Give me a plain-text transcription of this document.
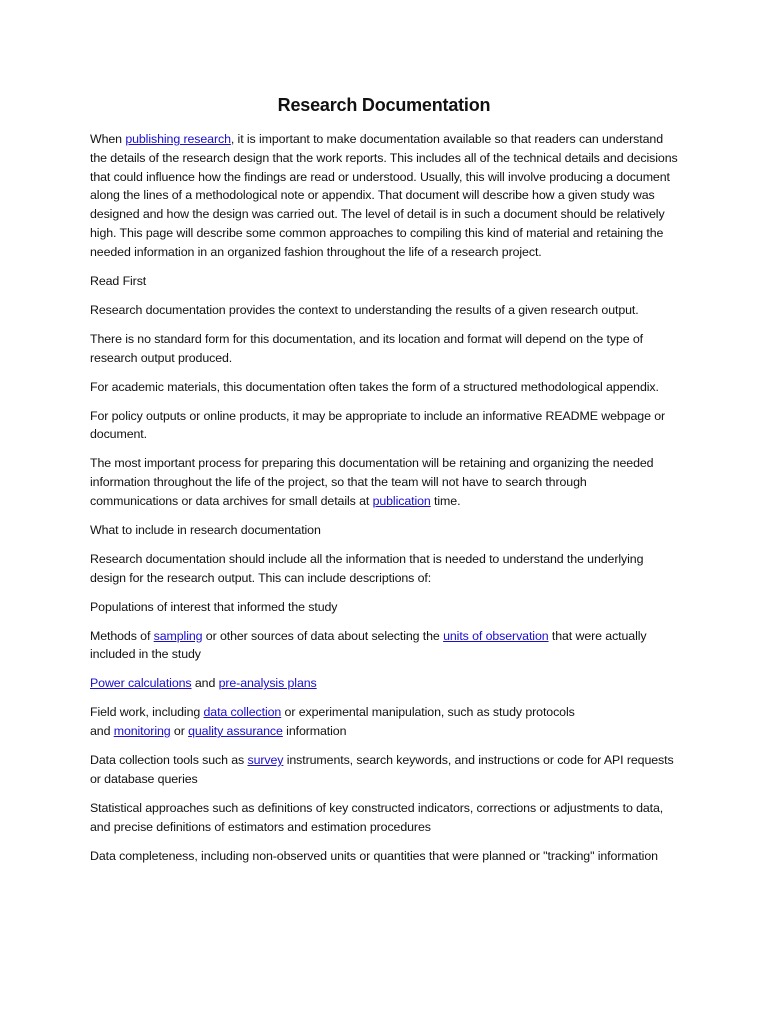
Research Documentation

When publishing research, it is important to make documentation available so that readers can understand the details of the research design that the work reports. This includes all of the technical details and decisions that could influence how the findings are read or understood. Usually, this will involve producing a document along the lines of a methodological note or appendix. That document will describe how a given study was designed and how the design was carried out. The level of detail is in such a document should be relatively high. This page will describe some common approaches to compiling this kind of material and retaining the needed information in an organized fashion throughout the life of a research project.

Read First

Research documentation provides the context to understanding the results of a given research output.

There is no standard form for this documentation, and its location and format will depend on the type of research output produced.

For academic materials, this documentation often takes the form of a structured methodological appendix.

For policy outputs or online products, it may be appropriate to include an informative README webpage or document.

The most important process for preparing this documentation will be retaining and organizing the needed information throughout the life of the project, so that the team will not have to search through communications or data archives for small details at publication time.

What to include in research documentation

Research documentation should include all the information that is needed to understand the underlying design for the research output. This can include descriptions of:

Populations of interest that informed the study

Methods of sampling or other sources of data about selecting the units of observation that were actually included in the study

Power calculations and pre-analysis plans

Field work, including data collection or experimental manipulation, such as study protocols
and monitoring or quality assurance information

Data collection tools such as survey instruments, search keywords, and instructions or code for API requests or database queries

Statistical approaches such as definitions of key constructed indicators, corrections or adjustments to data, and precise definitions of estimators and estimation procedures

Data completeness, including non-observed units or quantities that were planned or "tracking" information
